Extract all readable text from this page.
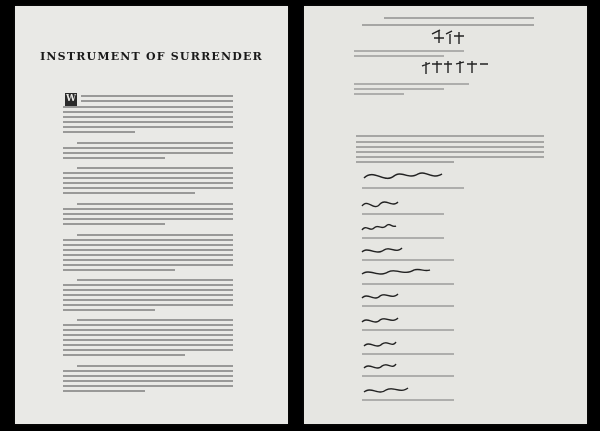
INSTRUMENT OF SURRENDER
W
